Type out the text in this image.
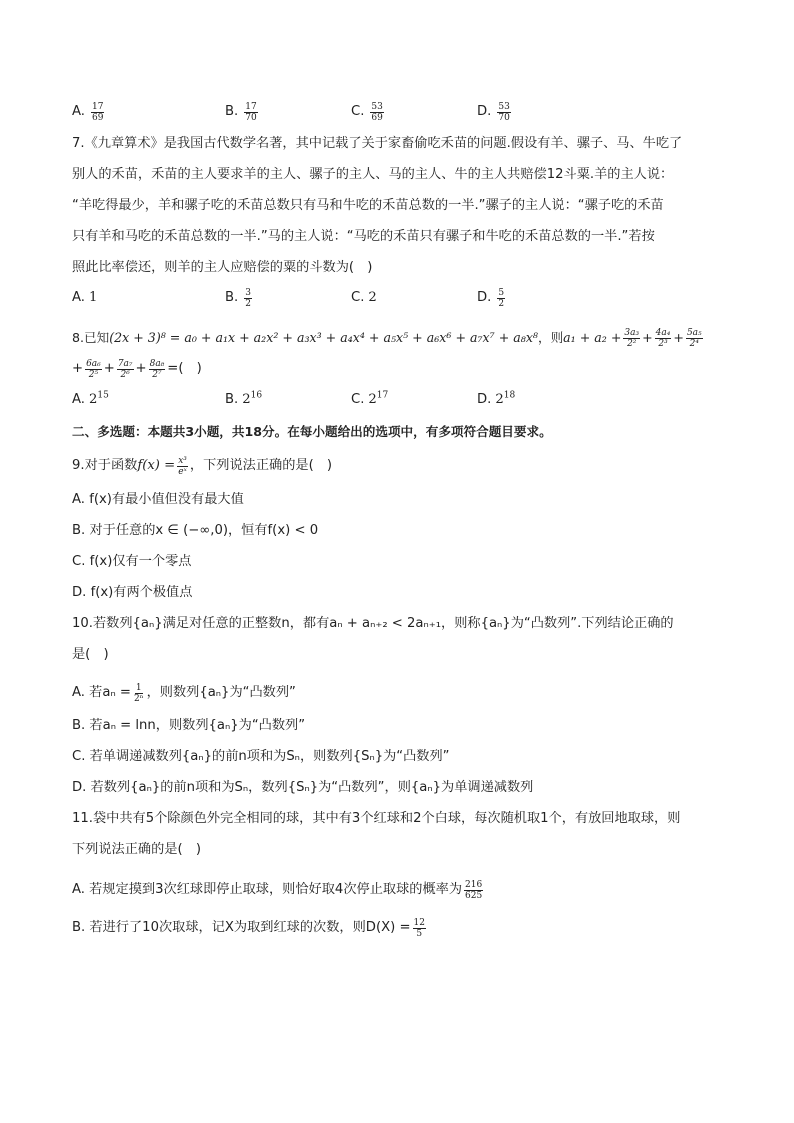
A. $\frac{17}{69}$	B. $\frac{17}{70}$	C. $\frac{53}{69}$	D. $\frac{53}{70}$
7.《九章算术》是我国古代数学名著，其中记载了关于家畜偷吃禾苗的问题.假设有羊、骡子、马、牛吃了
别人的禾苗，禾苗的主人要求羊的主人、骡子的主人、马的主人、牛的主人共赔偿12斗粟.羊的主人说：
“羊吃得最少，羊和骡子吃的禾苗总数只有马和牛吃的禾苗总数的一半.”骡子的主人说：“骡子吃的禾苗
只有羊和马吃的禾苗总数的一半.”马的主人说：“马吃的禾苗只有骡子和牛吃的禾苗总数的一半.”若按
照此比率偿还，则羊的主人应赔偿的粟的斗数为(　)
A. 1	B. $\frac{3}{2}$	C. 2	D. $\frac{5}{2}$
8.已知 (2x + 3)⁸ = a₀ + a₁x + a₂x² + a₃x³ + a₄x⁴ + a₅x⁵ + a₆x⁶ + a₇x⁷ + a₈x⁸ ，则 $a_1 + a_2 + \frac{\text{3a₃}}{\text{2²}} + \frac{\text{4a₄}}{\text{2³}} + \frac{\text{5a₅}}{\text{2⁴}}$
+ $\frac{\text{6a₆}}{\text{2⁵}} + \frac{\text{7a₇}}{\text{2⁶}} + \frac{\text{8a₈}}{\text{2⁷}}$ =(　)
A. $2^{15}$	B. $2^{16}$	C. $2^{17}$	D. $2^{18}$
二、多选题：本题共3小题，共18分。在每小题给出的选项中，有多项符合题目要求。
9.对于函数 $f(x) = \frac{\text{x³}}{\text{eˣ}}$ ，下列说法正确的是(　)
A. f(x)有最小值但没有最大值
B. 对于任意的x ∈ (−∞,0)，恒有f(x) < 0
C. f(x)仅有一个零点
D. f(x)有两个极值点
10.若数列{aₙ}满足对任意的正整数n，都有aₙ + aₙ₊₂ < 2aₙ₊₁，则称{aₙ}为“凸数列”.下列结论正确的
是(　)
A. 若$a_n = \frac{1}{\text{2ⁿ}}$ ，则数列{aₙ}为“凸数列”
B. 若aₙ = lnn，则数列{aₙ}为“凸数列”
C. 若单调递减数列{aₙ}的前n项和为Sₙ，则数列{Sₙ}为“凸数列”
D. 若数列{aₙ}的前n项和为Sₙ，数列{Sₙ}为“凸数列”，则{aₙ}为单调递减数列
11.袋中共有5个除颜色外完全相同的球，其中有3个红球和2个白球，每次随机取1个，有放回地取球，则
下列说法正确的是(　)
A. 若规定摸到3次红球即停止取球，则恰好取4次停止取球的概率为 $\frac{216}{625}$
B. 若进行了10次取球，记X为取到红球的次数，则$D(X) = \frac{12}{5}$
